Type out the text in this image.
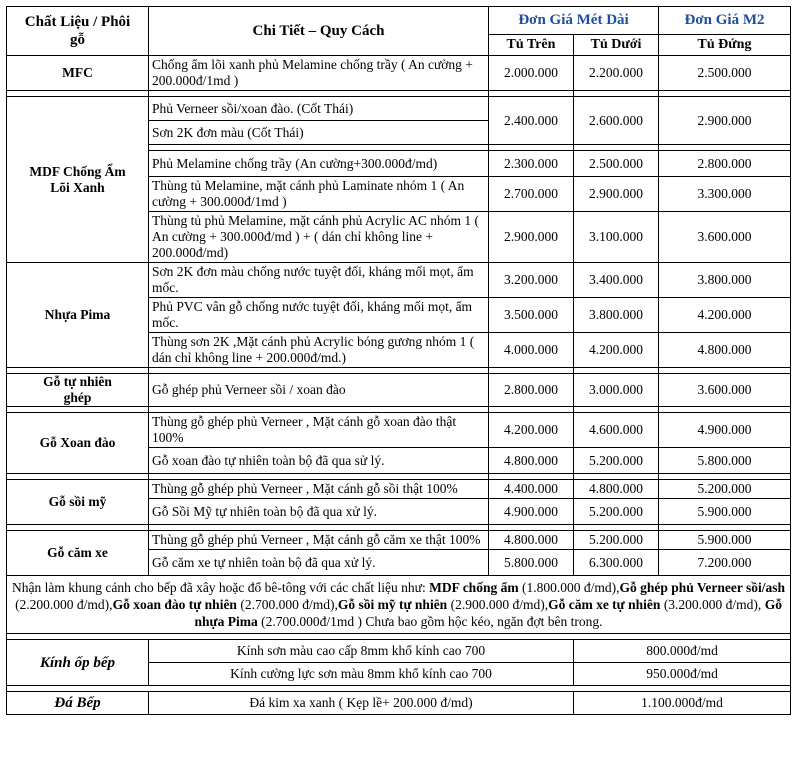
Chất Liệu / Phôi gỗ	Chi Tiết – Quy Cách	Đơn Giá Mét Dài		Đơn Giá M2
		Tủ Trên	Tủ Dưới	Tủ Đứng
MFC	Chống ẩm lõi xanh phủ Melamine chống trầy ( An cường + 200.000đ/1md )	2.000.000	2.200.000	2.500.000

MDF Chống Ẩm Lõi Xanh	Phủ Verneer sồi/xoan đào. (Cốt Thái)	2.400.000	2.600.000	2.900.000
	Sơn 2K đơn màu (Cốt Thái)			

	Phủ Melamine chống trầy (An cường+300.000đ/md)	2.300.000	2.500.000	2.800.000
	Thùng tủ Melamine, mặt cánh phủ Laminate nhóm 1 ( An cường + 300.000đ/1md )	2.700.000	2.900.000	3.300.000
	Thùng tủ phủ Melamine, mặt cánh phủ Acrylic AC nhóm 1 ( An cường + 300.000đ/md ) + ( dán chỉ không line + 200.000đ/md)	2.900.000	3.100.000	3.600.000
Nhựa Pima	Sơn 2K đơn màu chống nước tuyệt đối, kháng mối mọt, ẩm mốc.	3.200.000	3.400.000	3.800.000
	Phủ PVC vân gỗ chống nước tuyệt đối, kháng mối mọt, ẩm mốc.	3.500.000	3.800.000	4.200.000
	Thùng sơn 2K ,Mặt cánh phủ Acrylic bóng gương nhóm 1 ( dán chỉ không line + 200.000đ/md.)	4.000.000	4.200.000	4.800.000

Gỗ tự nhiên ghép	Gỗ ghép phủ Verneer sồi / xoan đào	2.800.000	3.000.000	3.600.000

Gỗ Xoan đào	Thùng gỗ ghép phủ Verneer , Mặt cánh gỗ xoan đào thật 100%	4.200.000	4.600.000	4.900.000
	Gỗ xoan đào tự nhiên toàn bộ đã qua sử lý.	4.800.000	5.200.000	5.800.000

Gỗ sồi mỹ	Thùng gỗ ghép phủ Verneer , Mặt cánh gỗ sồi thật 100%	4.400.000	4.800.000	5.200.000
	Gỗ Sồi Mỹ tự nhiên toàn bộ đã qua xử lý.	4.900.000	5.200.000	5.900.000

Gỗ căm xe	Thùng gỗ ghép phủ Verneer , Mặt cánh gỗ căm xe thật 100%	4.800.000	5.200.000	5.900.000
	Gỗ căm xe tự nhiên toàn bộ đã qua xử lý.	5.800.000	6.300.000	7.200.000
Nhận làm khung cánh cho bếp đã xây hoặc đổ bê-tông với các chất liệu như: MDF chống ẩm (1.800.000 đ/md),Gỗ ghép phủ Verneer sồi/ash (2.200.000 đ/md),Gỗ xoan đào tự nhiên (2.700.000 đ/md),Gỗ sồi mỹ tự nhiên (2.900.000 đ/md),Gỗ căm xe tự nhiên (3.200.000 đ/md), Gỗ nhựa Pima (2.700.000đ/1md ) Chưa bao gồm hộc kéo, ngăn đợt bên trong.				

Kính ốp bếp	Kính sơn màu cao cấp 8mm khổ kính cao 700		800.000đ/md	
	Kính cường lực sơn màu 8mm khổ kính cao 700		950.000đ/md	

Đá Bếp	Đá kim xa xanh ( Kẹp lề+ 200.000 đ/md)		1.100.000đ/md	
